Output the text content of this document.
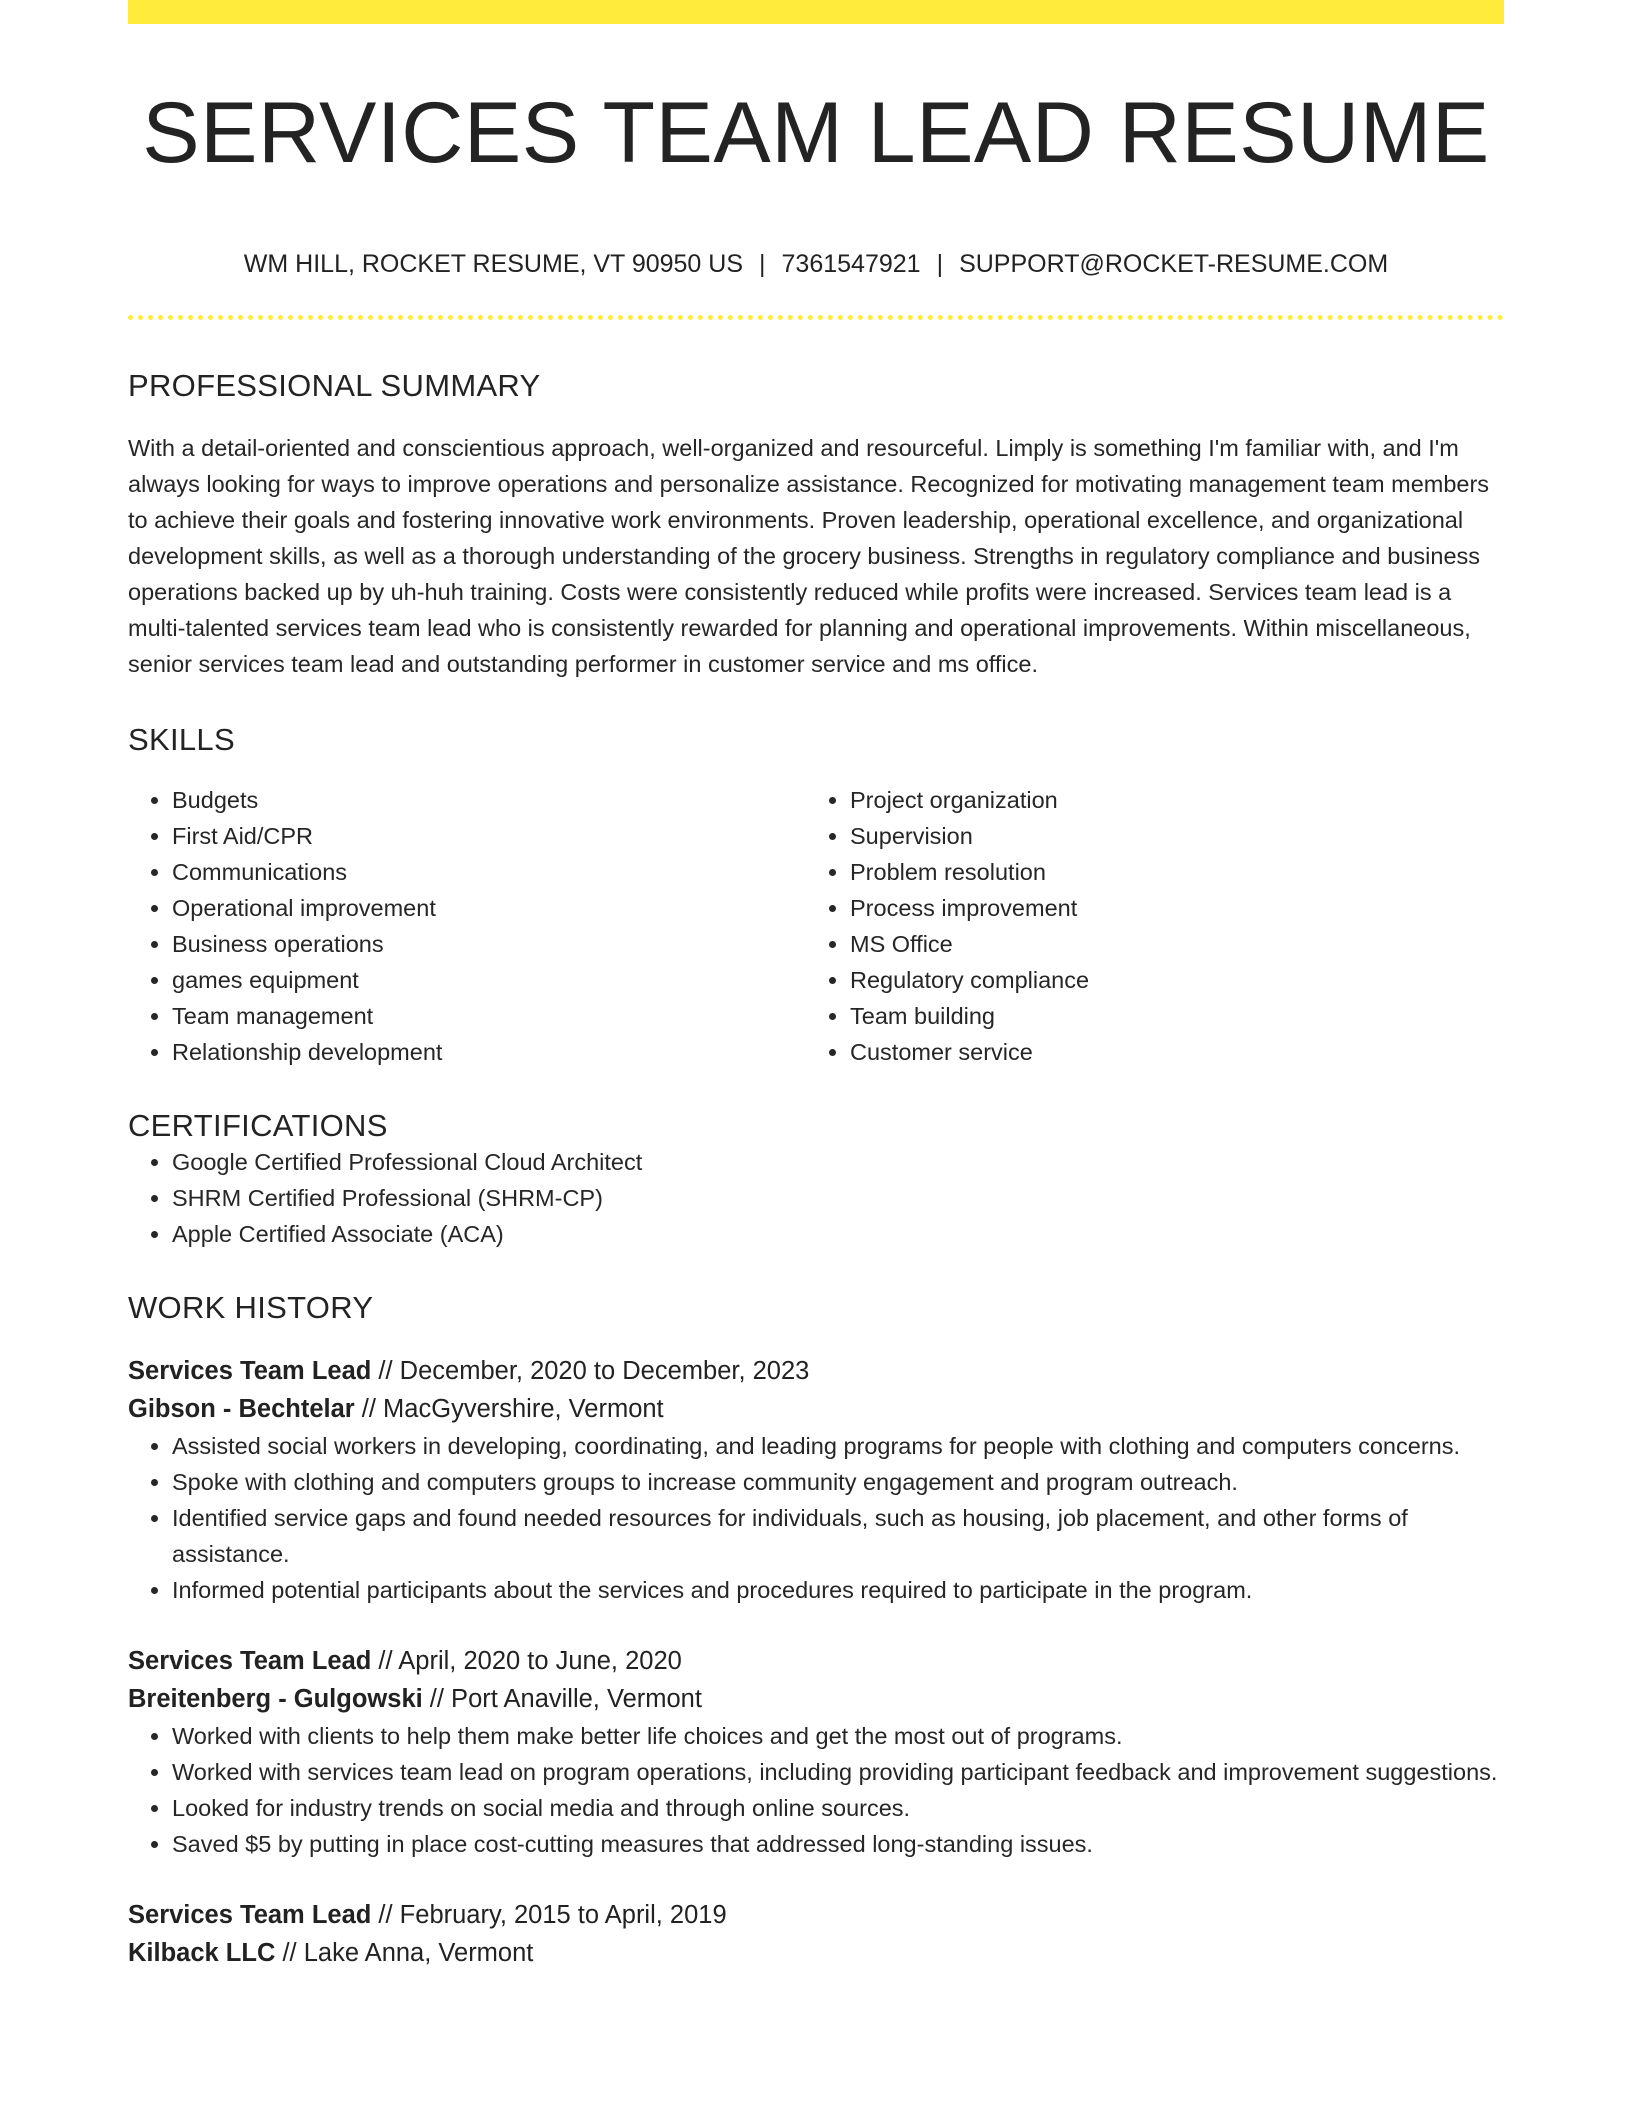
SERVICES TEAM LEAD RESUME
WM HILL, ROCKET RESUME, VT 90950 US | 7361547921 | SUPPORT@ROCKET-RESUME.COM
PROFESSIONAL SUMMARY

With a detail-oriented and conscientious approach, well-organized and resourceful. Limply is something I'm familiar with, and I'm always looking for ways to improve operations and personalize assistance. Recognized for motivating management team members to achieve their goals and fostering innovative work environments. Proven leadership, operational excellence, and organizational development skills, as well as a thorough understanding of the grocery business. Strengths in regulatory compliance and business operations backed up by uh-huh training. Costs were consistently reduced while profits were increased. Services team lead is a multi-talented services team lead who is consistently rewarded for planning and operational improvements. Within miscellaneous, senior services team lead and outstanding performer in customer service and ms office.

SKILLS
• Budgets
• First Aid/CPR
• Communications
• Operational improvement
• Business operations
• games equipment
• Team management
• Relationship development
• Project organization
• Supervision
• Problem resolution
• Process improvement
• MS Office
• Regulatory compliance
• Team building
• Customer service
CERTIFICATIONS
• Google Certified Professional Cloud Architect
• SHRM Certified Professional (SHRM-CP)
• Apple Certified Associate (ACA)
WORK HISTORY
Services Team Lead // December, 2020 to December, 2023
Gibson - Bechtelar // MacGyvershire, Vermont
• Assisted social workers in developing, coordinating, and leading programs for people with clothing and computers concerns.
• Spoke with clothing and computers groups to increase community engagement and program outreach.
• Identified service gaps and found needed resources for individuals, such as housing, job placement, and other forms of assistance.
• Informed potential participants about the services and procedures required to participate in the program.
Services Team Lead // April, 2020 to June, 2020
Breitenberg - Gulgowski // Port Anaville, Vermont
• Worked with clients to help them make better life choices and get the most out of programs.
• Worked with services team lead on program operations, including providing participant feedback and improvement suggestions.
• Looked for industry trends on social media and through online sources.
• Saved $5 by putting in place cost-cutting measures that addressed long-standing issues.
Services Team Lead // February, 2015 to April, 2019
Kilback LLC // Lake Anna, Vermont
